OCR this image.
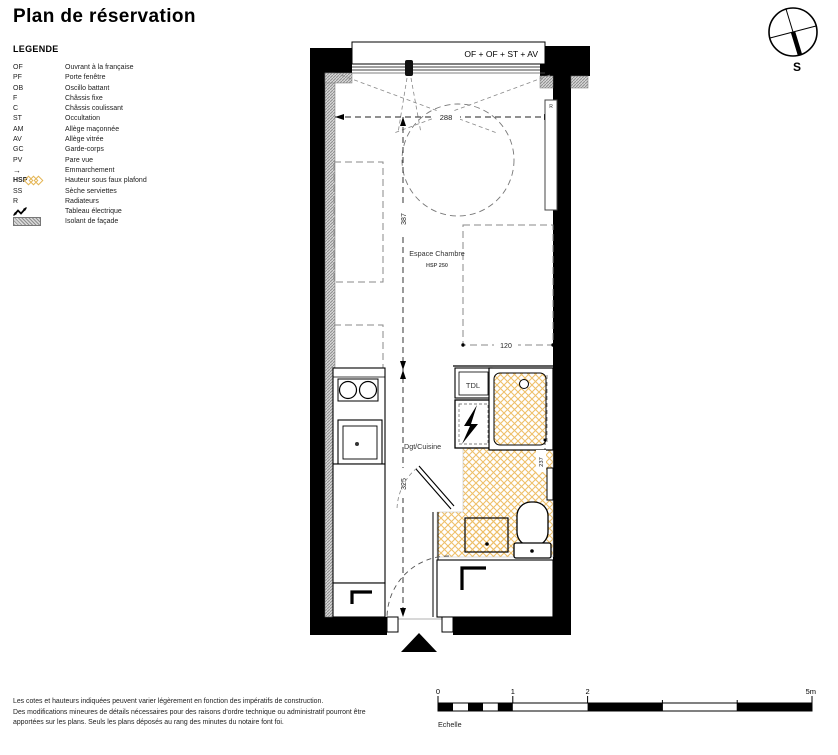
Plan de réservation
LEGENDE
OF	Ouvrant à la française
PF	Porte fenêtre
OB	Oscillo battant
F	Châssis fixe
C	Châssis coulissant
ST	Occultation
AM	Allège maçonnée
AV	Allège vitrée
GC	Garde-corps
PV	Pare vue
→	Emmarchement
HSP	Hauteur sous faux plafond
SS	Sèche serviettes
R	Radiateurs
Tableau électrique
Isolant de façade
S
OF + OF + ST + AV
288
387
325
120
Espace Chambre
HSP 250
Dgt/Cuisine
R
TDL
237
0	1	2	5m
Echelle
Les cotes et hauteurs indiquées peuvent varier légèrement en fonction des impératifs de construction.
Des modifications mineures de détails nécessaires pour des raisons d'ordre technique ou administratif pourront être
apportées sur les plans. Seuls les plans déposés au rang des minutes du notaire font foi.
